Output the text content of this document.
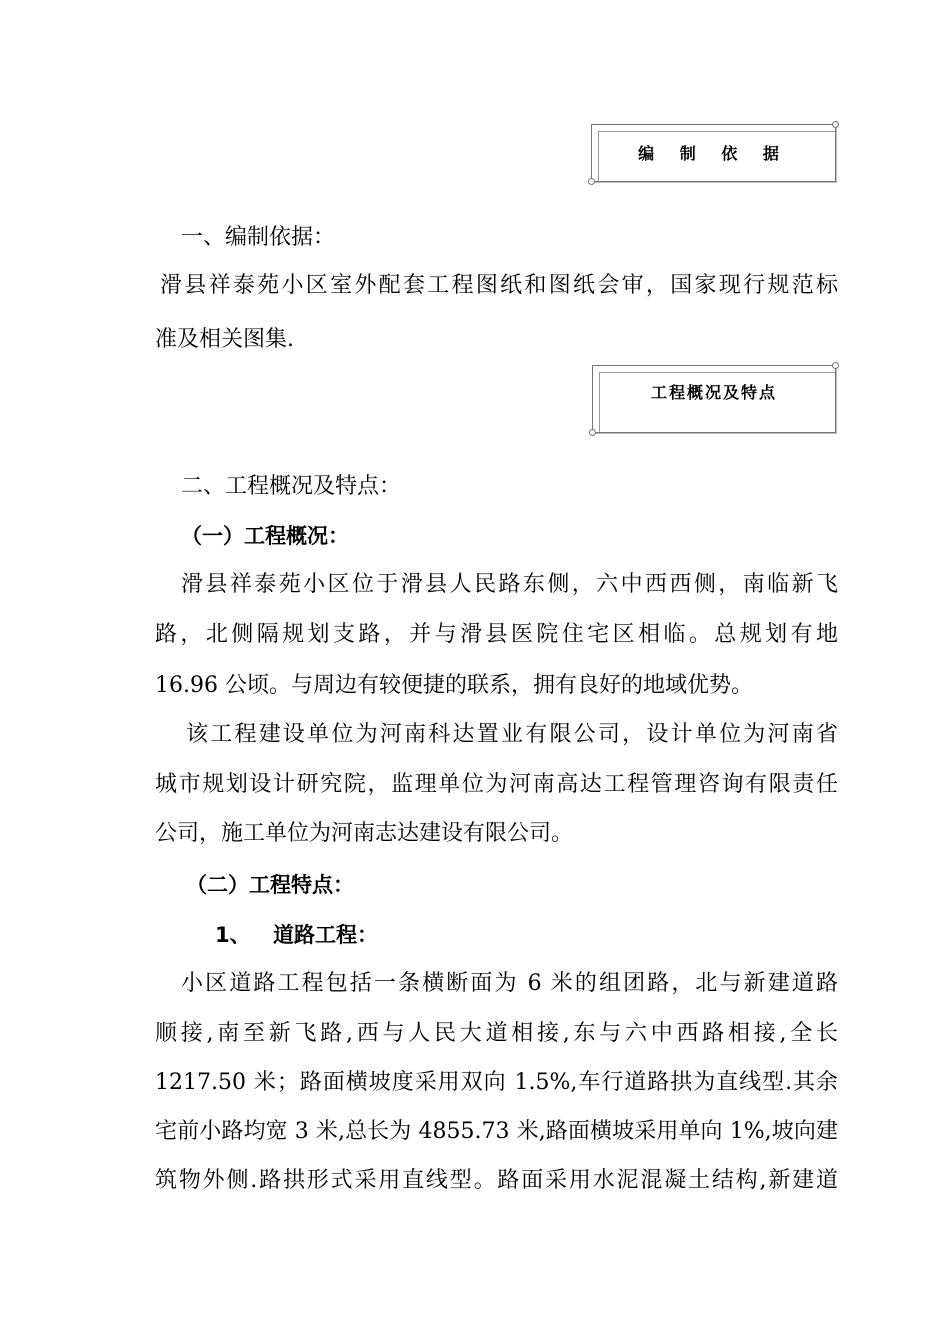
编 制 依 据
一、编制依据：
滑县祥泰苑小区室外配套工程图纸和图纸会审，国家现行规范标
准及相关图集.
工程概况及特点
二、工程概况及特点：
（一）工程概况：
滑县祥泰苑小区位于滑县人民路东侧，六中西西侧，南临新飞
路，北侧隔规划支路，并与滑县医院住宅区相临。总规划有地
16.96 公顷。与周边有较便捷的联系，拥有良好的地域优势。
该工程建设单位为河南科达置业有限公司，设计单位为河南省
城市规划设计研究院，监理单位为河南高达工程管理咨询有限责任
公司，施工单位为河南志达建设有限公司。
（二）工程特点：
1、 道路工程：
小区道路工程包括一条横断面为 6 米的组团路，北与新建道路
顺接,南至新飞路,西与人民大道相接,东与六中西路相接,全长
1217.50 米；路面横坡度采用双向 1.5%,车行道路拱为直线型.其余
宅前小路均宽 3 米,总长为 4855.73 米,路面横坡采用单向 1%,坡向建
筑物外侧.路拱形式采用直线型。路面采用水泥混凝土结构,新建道
